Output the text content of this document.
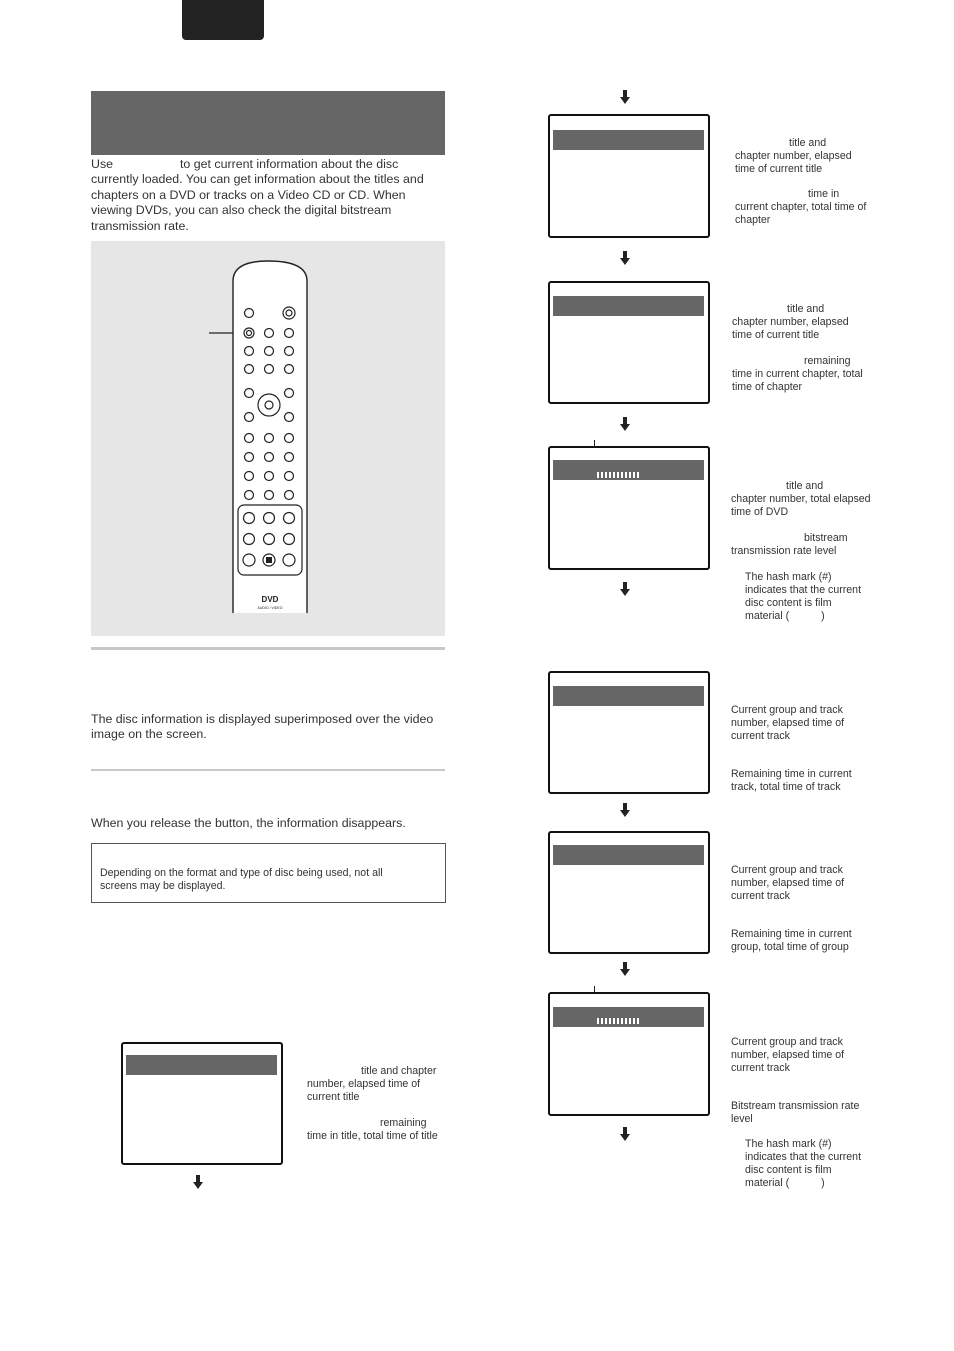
Use	to get current information about the disc currently loaded. You can get information about the titles and chapters on a DVD or tracks on a Video CD or CD. When viewing DVDs, you can also check the digital bitstream transmission rate.
DVD
AUDIO / VIDEO
The disc information is displayed superimposed over the video image on the screen.
When you release the button, the information disappears.
Depending on the format and type of disc being used, not all screens may be displayed.
title and chapter
number, elapsed time of current title
remaining
time in title, total time of title
title and
chapter number, elapsed time of current title
time in
current chapter, total time of chapter
title and
chapter number, elapsed time of current title
remaining
time in current chapter, total time of chapter
title and
chapter number, total elapsed time of DVD
bitstream
transmission rate level
The hash mark (#) indicates that the current disc content is film material (	)
Current group and track number, elapsed time of current track
Remaining time in current track, total time of track
Current group and track number, elapsed time of current track
Remaining time in current group, total time of group
Current group and track number, elapsed time of current track
Bitstream transmission rate level
The hash mark (#) indicates that the current disc content is film material (	)
